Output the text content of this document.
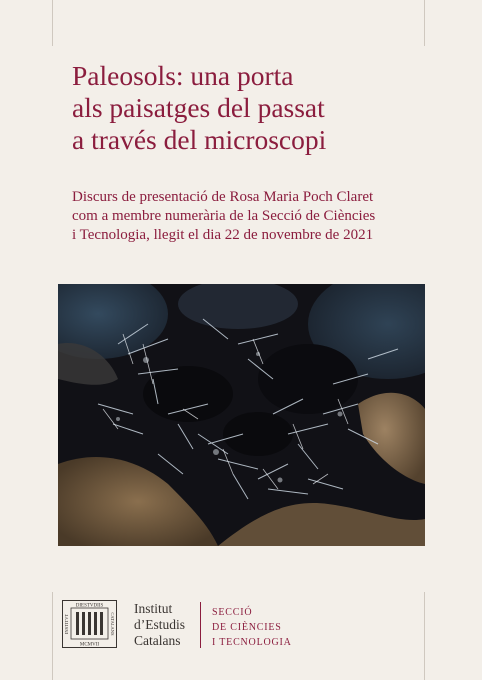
Paleosols: una porta
als paisatges del passat
a través del microscopi
Discurs de presentació de Rosa Maria Poch Claret
com a membre numerària de la Secció de Ciències
i Tecnologia, llegit el dia 22 de novembre de 2021
DIESTVDIIS
MCMVII
INSTITVT	CATALANS
Institut
d’Estudis
Catalans
SECCIÓ
DE CIÈNCIES
I TECNOLOGIA
